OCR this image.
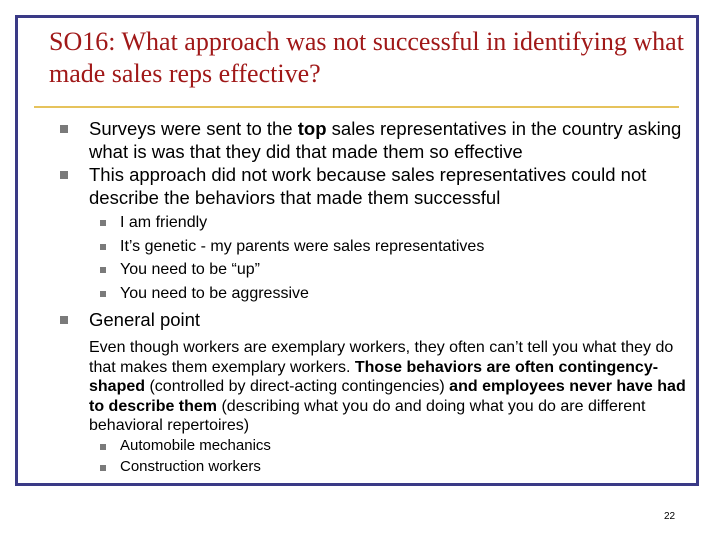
SO16: What approach was not successful in identifying what made sales reps effective?
Surveys were sent to the top sales representatives in the country asking what is was that they did that made them so effective
This approach did not work because sales representatives could not describe the behaviors that made them successful
I am friendly
It’s genetic - my parents were sales representatives
You need to be “up”
You need to be aggressive
General point
Even though workers are exemplary workers, they often can’t tell you what they do that makes them exemplary workers. Those behaviors are often contingency-shaped (controlled by direct-acting contingencies) and employees never have had to describe them (describing what you do and doing what you do are different behavioral repertoires)
Automobile mechanics
Construction workers
22
